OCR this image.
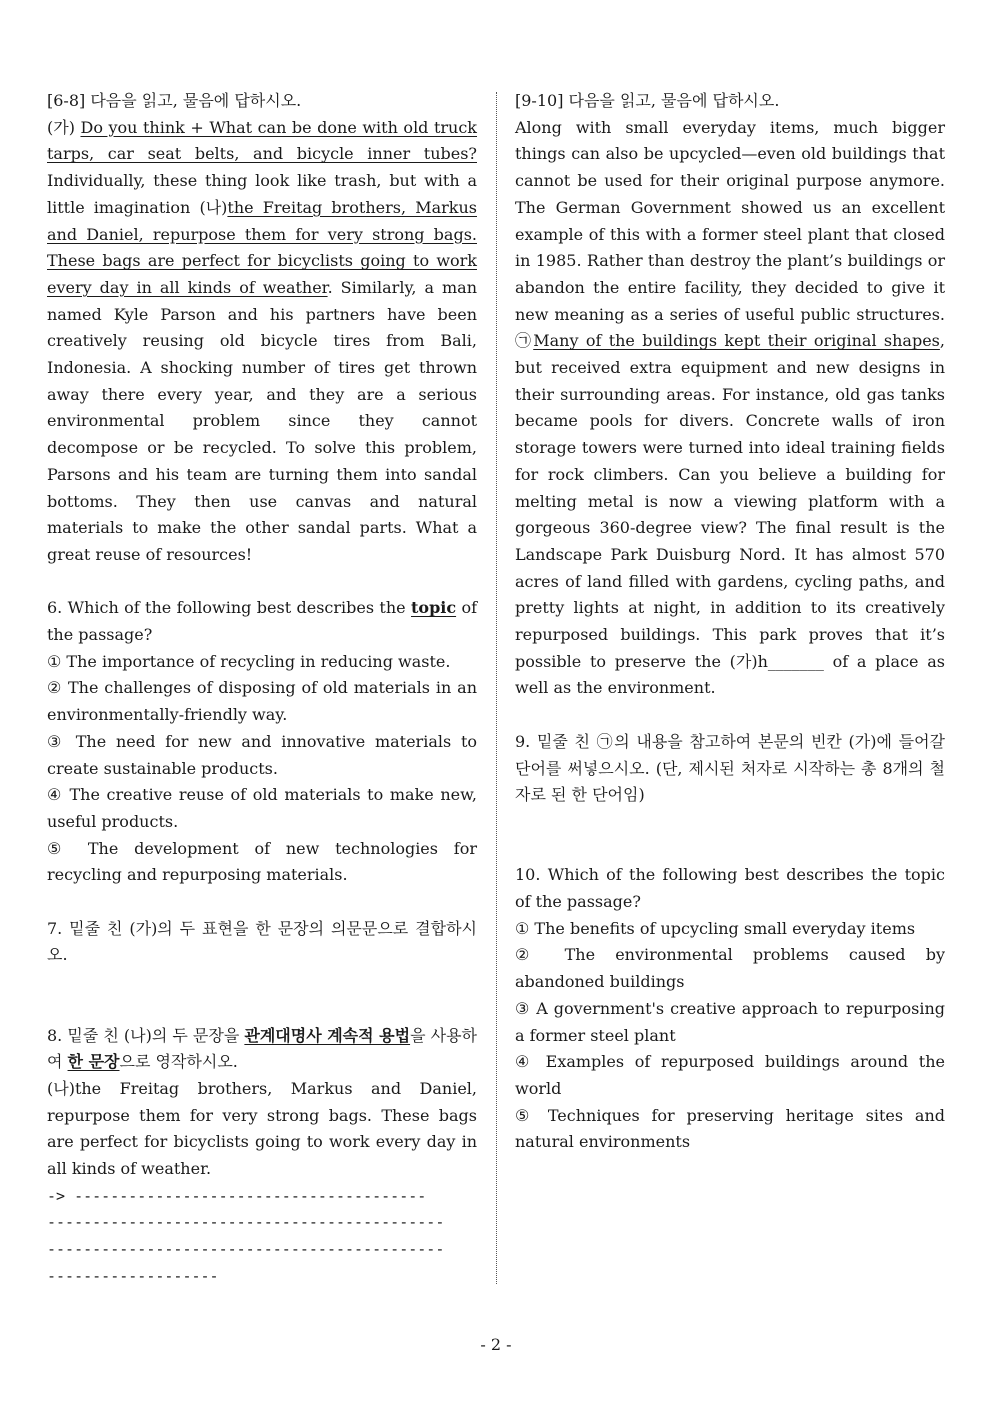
[6-8] 다음을 읽고, 물음에 답하시오.

(가) Do you think + What can be done with old truck tarps, car seat belts, and bicycle inner tubes? Individually, these thing look like trash, but with a little imagination (나)the Freitag brothers, Markus and Daniel, repurpose them for very strong bags. These bags are perfect for bicyclists going to work every day in all kinds of weather. Similarly, a man named Kyle Parson and his partners have been creatively reusing old bicycle tires from Bali, Indonesia. A shocking number of tires get thrown away there every year, and they are a serious environmental problem since they cannot decompose or be recycled. To solve this problem, Parsons and his team are turning them into sandal bottoms. They then use canvas and natural materials to make the other sandal parts. What a great reuse of resources!

6. Which of the following best describes the topic of the passage?

① The importance of recycling in reducing waste.

② The challenges of disposing of old materials in an environmentally-friendly way.

③ The need for new and innovative materials to create sustainable products.

④ The creative reuse of old materials to make new, useful products.

⑤ The development of new technologies for recycling and repurposing materials.

7. 밑줄 친 (가)의 두 표현을 한 문장의 의문문으로 결합하시오.

8. 밑줄 친 (나)의 두 문장을 관계대명사 계속적 용법을 사용하여 한 문장으로 영작하시오.

(나)the Freitag brothers, Markus and Daniel, repurpose them for very strong bags. These bags are perfect for bicyclists going to work every day in all kinds of weather.

-> ---------------------------------------

--------------------------------------------

--------------------------------------------

-------------------

[9-10] 다음을 읽고, 물음에 답하시오.

Along with small everyday items, much bigger things can also be upcycled—even old buildings that cannot be used for their original purpose anymore. The German Government showed us an excellent example of this with a former steel plant that closed in 1985. Rather than destroy the plant’s buildings or abandon the entire facility, they decided to give it new meaning as a series of useful public structures. ㉠Many of the buildings kept their original shapes, but received extra equipment and new designs in their surrounding areas. For instance, old gas tanks became pools for divers. Concrete walls of iron storage towers were turned into ideal training fields for rock climbers. Can you believe a building for melting metal is now a viewing platform with a gorgeous 360-degree view? The final result is the Landscape Park Duisburg Nord. It has almost 570 acres of land filled with gardens, cycling paths, and pretty lights at night, in addition to its creatively repurposed buildings. This park proves that it’s possible to preserve the (가)h_______ of a place as well as the environment.

9. 밑줄 친 ㉠의 내용을 참고하여 본문의 빈칸 (가)에 들어갈 단어를 써넣으시오. (단, 제시된 처자로 시작하는 총 8개의 철자로 된 한 단어임)

10. Which of the following best describes the topic of the passage?

① The benefits of upcycling small everyday items

② The environmental problems caused by abandoned buildings

③ A government's creative approach to repurposing a former steel plant

④ Examples of repurposed buildings around the world

⑤ Techniques for preserving heritage sites and natural environments

- 2 -
